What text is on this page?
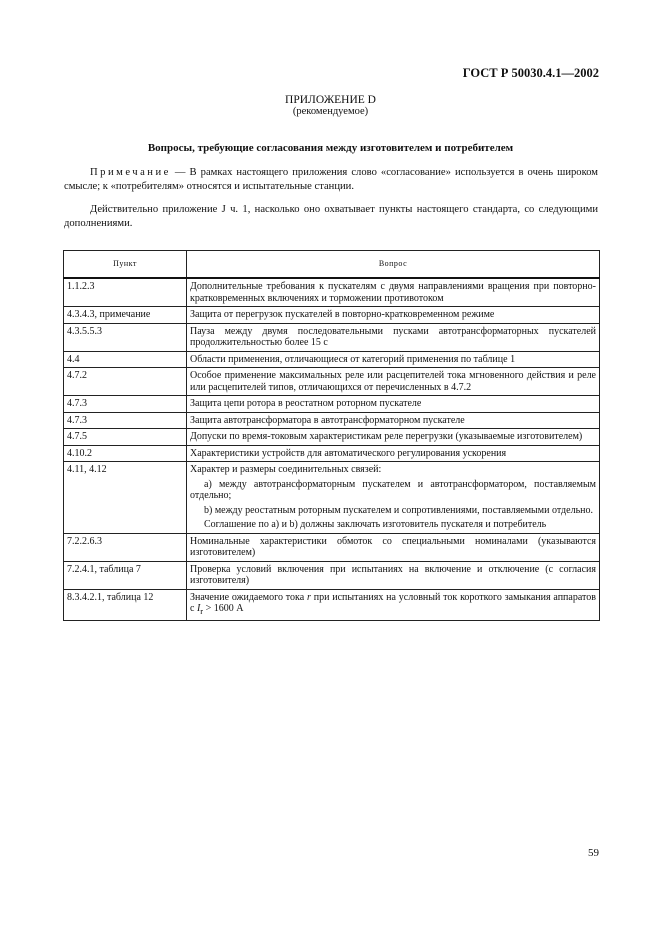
ГОСТ Р 50030.4.1—2002
ПРИЛОЖЕНИЕ D
(рекомендуемое)
Вопросы, требующие согласования между изготовителем и потребителем
Примечание — В рамках настоящего приложения слово «согласование» используется в очень широком смысле; к «потребителям» относятся и испытательные станции.
Действительно приложение J ч. 1, насколько оно охватывает пункты настоящего стандарта, со следующими дополнениями.
Пункт	Вопрос
1.1.2.3	Дополнительные требования к пускателям с двумя направлениями вращения при повторно-кратковременных включениях и торможении противотоком
4.3.4.3, примечание	Защита от перегрузок пускателей в повторно-кратковременном режиме
4.3.5.5.3	Пауза между двумя последовательными пусками автотрансформаторных пускателей продолжительностью более 15 с
4.4	Области применения, отличающиеся от категорий применения по таблице 1
4.7.2	Особое применение максимальных реле или расцепителей тока мгновенного действия и реле или расцепителей типов, отличающихся от перечисленных в 4.7.2
4.7.3	Защита цепи ротора в реостатном роторном пускателе
4.7.3	Защита автотрансформатора в автотрансформаторном пускателе
4.7.5	Допуски по время-токовым характеристикам реле перегрузки (указываемые изготовителем)
4.10.2	Характеристики устройств для автоматического регулирования ускорения
4.11, 4.12	Характер и размеры соединительных связей:
а) между автотрансформаторным пускателем и автотрансформатором, поставляемым отдельно;
b) между реостатным роторным пускателем и сопротивлениями, поставляемыми отдельно.
Соглашение по а) и b) должны заключать изготовитель пускателя и потребитель

7.2.2.6.3	Номинальные характеристики обмоток со специальными номиналами (указываются изготовителем)
7.2.4.1, таблица 7	Проверка условий включения при испытаниях на включение и отключение (с согласия изготовителя)
8.3.4.2.1, таблица 12	Значение ожидаемого тока r при испытаниях на условный ток короткого замыкания аппаратов с $I_r > 1600$ А
59
